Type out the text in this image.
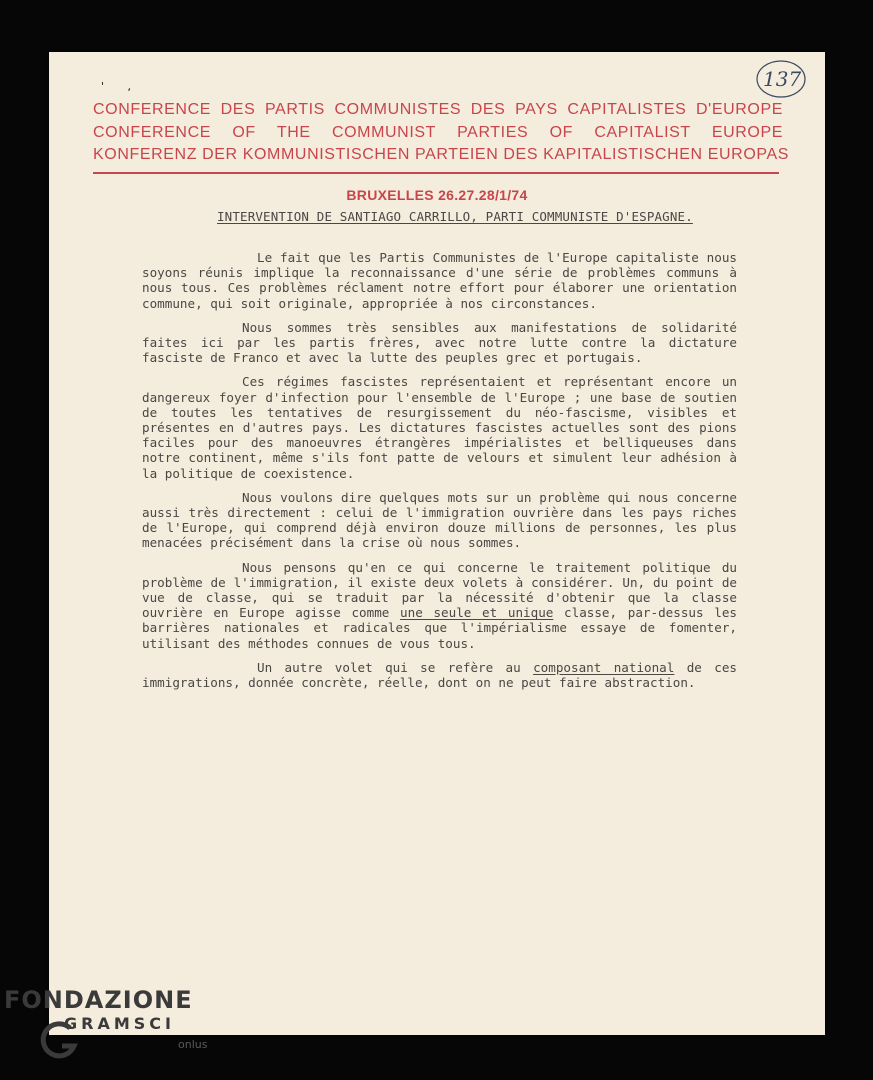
' ,	137
CONFERENCE DES PARTIS COMMUNISTES DES PAYS CAPITALISTES D'EUROPE
CONFERENCE OF THE COMMUNIST PARTIES OF CAPITALIST EUROPE
KONFERENZ DER KOMMUNISTISCHEN PARTEIEN DES KAPITALISTISCHEN EUROPAS
BRUXELLES 26.27.28/1/74
INTERVENTION DE SANTIAGO CARRILLO, PARTI COMMUNISTE D'ESPAGNE.

Le fait que les Partis Communistes de l'Europe capitaliste nous soyons réunis implique la reconnaissance d'une série de problèmes communs à nous tous. Ces problèmes réclament notre effort pour élaborer une orientation commune, qui soit originale, appropriée à nos circonstances.

Nous sommes très sensibles aux manifestations de solidarité faites ici par les partis frères, avec notre lutte contre la dictature fasciste de Franco et avec la lutte des peuples grec et portugais.

Ces régimes fascistes représentaient et représentant encore un dangereux foyer d'infection pour l'ensemble de l'Europe ; une base de soutien de toutes les tentatives de resurgissement du néo-fascisme, visibles et présentes en d'autres pays. Les dictatures fascistes actuelles sont des pions faciles pour des manoeuvres étrangères impérialistes et belliqueuses dans notre continent, même s'ils font patte de velours et simulent leur adhésion à la politique de coexistence.

Nous voulons dire quelques mots sur un problème qui nous concerne aussi très directement : celui de l'immigration ouvrière dans les pays riches de l'Europe, qui comprend déjà environ douze millions de personnes, les plus menacées précisément dans la crise où nous sommes.

Nous pensons qu'en ce qui concerne le traitement politique du problème de l'immigration, il existe deux volets à considérer. Un, du point de vue de classe, qui se traduit par la nécessité d'obtenir que la classe ouvrière en Europe agisse comme une seule et unique classe, par-dessus les barrières nationales et radicales que l'impérialisme essaye de fomenter, utilisant des méthodes connues de vous tous.

Un autre volet qui se refère au composant national de ces immigrations, donnée concrète, réelle, dont on ne peut faire abstraction.

FONDAZIONE
GRAMSCI
onlus
